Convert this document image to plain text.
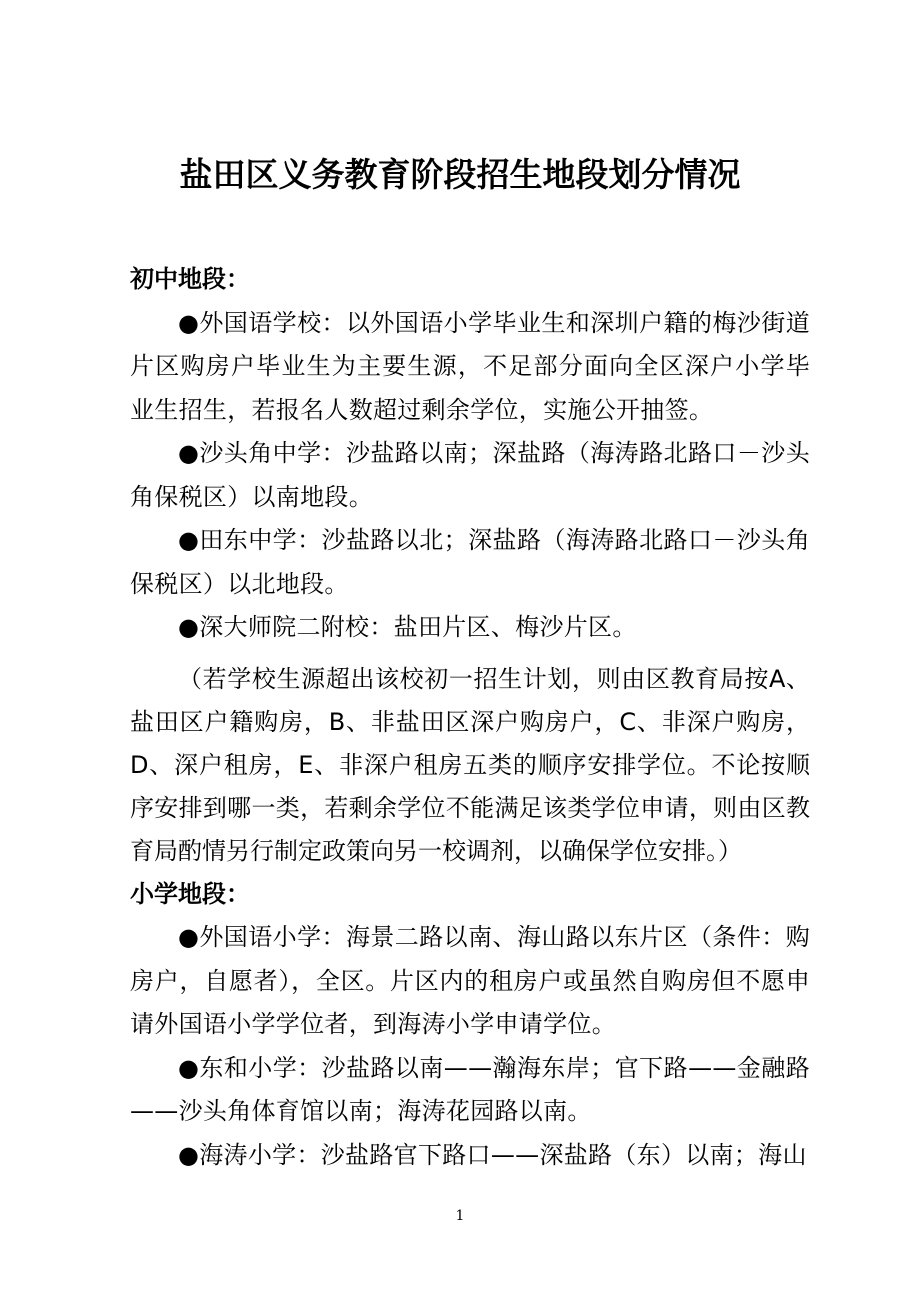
盐田区义务教育阶段招生地段划分情况

初中地段：

●外国语学校：以外国语小学毕业生和深圳户籍的梅沙街道片区购房户毕业生为主要生源，不足部分面向全区深户小学毕业生招生，若报名人数超过剩余学位，实施公开抽签。

●沙头角中学：沙盐路以南；深盐路（海涛路北路口－沙头角保税区）以南地段。

●田东中学：沙盐路以北；深盐路（海涛路北路口－沙头角保税区）以北地段。

●深大师院二附校：盐田片区、梅沙片区。

（若学校生源超出该校初一招生计划，则由区教育局按A、盐田区户籍购房，B、非盐田区深户购房户，C、非深户购房，D、深户租房，E、非深户租房五类的顺序安排学位。不论按顺序安排到哪一类，若剩余学位不能满足该类学位申请，则由区教育局酌情另行制定政策向另一校调剂，以确保学位安排。）

小学地段：

●外国语小学：海景二路以南、海山路以东片区（条件：购房户，自愿者），全区。片区内的租房户或虽然自购房但不愿申请外国语小学学位者，到海涛小学申请学位。

●东和小学：沙盐路以南——瀚海东岸；官下路——金融路——沙头角体育馆以南；海涛花园路以南。

●海涛小学：沙盐路官下路口——深盐路（东）以南；海山

1
